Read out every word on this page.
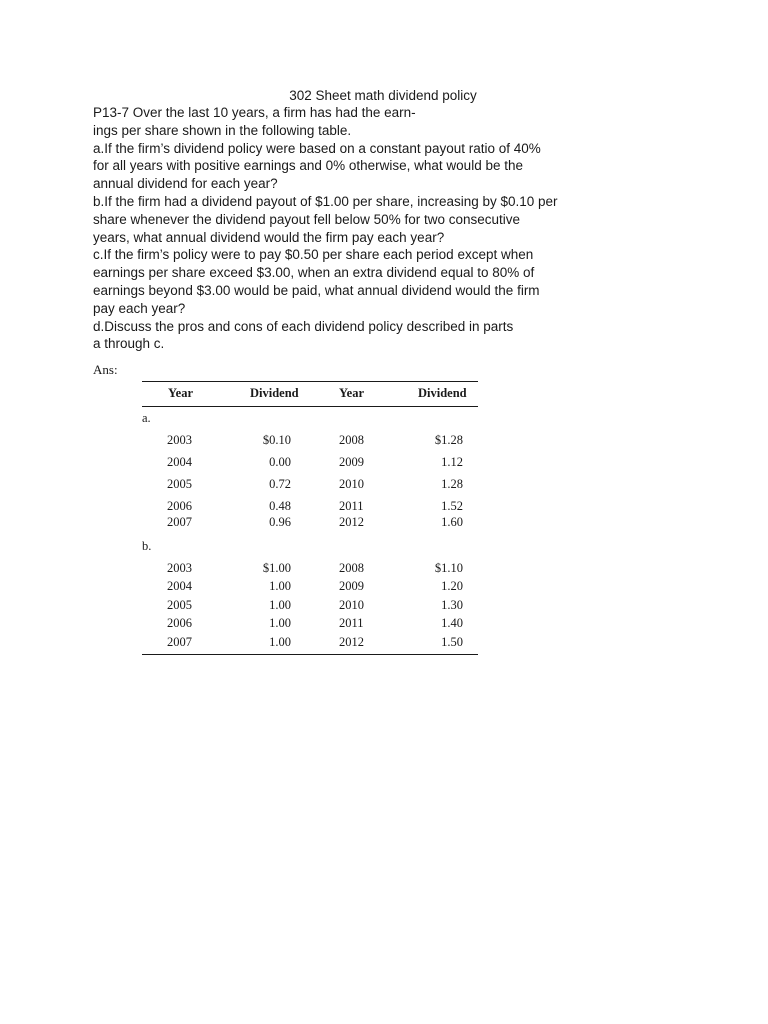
302 Sheet math dividend policy
P13-7 Over the last 10 years, a firm has had the earn-
ings per share shown in the following table.
a.If the firm’s dividend policy were based on a constant payout ratio of 40%
for all years with positive earnings and 0% otherwise, what would be the
annual dividend for each year?
b.If the firm had a dividend payout of $1.00 per share, increasing by $0.10 per
share whenever the dividend payout fell below 50% for two consecutive
years, what annual dividend would the firm pay each year?
c.If the firm’s policy were to pay $0.50 per share each period except when
earnings per share exceed $3.00, when an extra dividend equal to 80% of
earnings beyond $3.00 would be paid, what annual dividend would the firm
pay each year?
d.Discuss the pros and cons of each dividend policy described in parts
a through c.
Ans:
Year	Dividend	Year	Dividend
a.
2003	$0.10	2008	$1.28
2004	0.00	2009	1.12
2005	0.72	2010	1.28
2006	0.48	2011	1.52
2007	0.96	2012	1.60
b.
2003	$1.00	2008	$1.10
2004	1.00	2009	1.20
2005	1.00	2010	1.30
2006	1.00	2011	1.40
2007	1.00	2012	1.50
